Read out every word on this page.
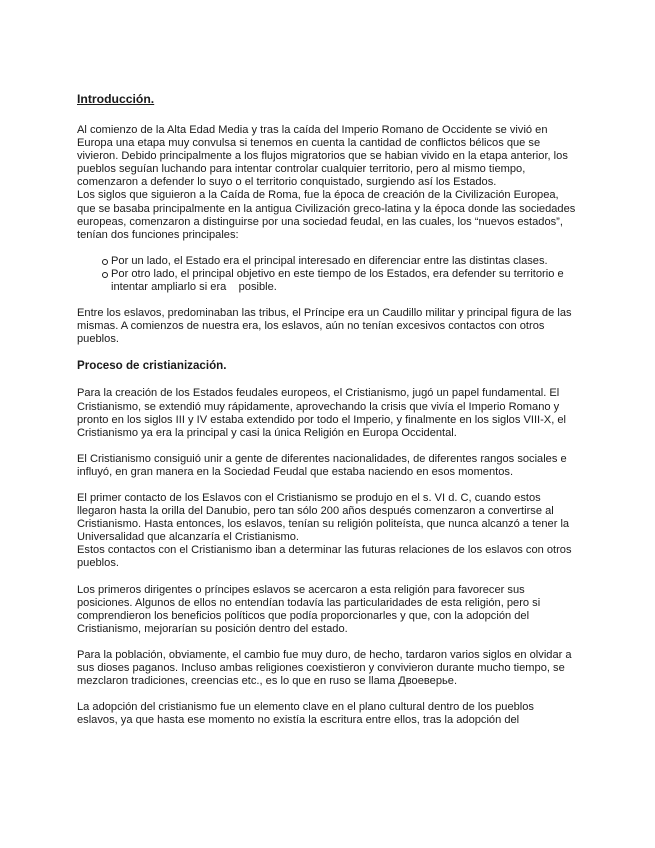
Introducción.

Al comienzo de la Alta Edad Media y tras la caída del Imperio Romano de Occidente se vivió en Europa una etapa muy convulsa si tenemos en cuenta la cantidad de conflictos bélicos que se vivieron. Debido principalmente a los flujos migratorios que se habian vivido en la etapa anterior, los pueblos seguían luchando para intentar controlar cualquier territorio, pero al mismo tiempo, comenzaron a defender lo suyo o el territorio conquistado, surgiendo así los Estados.

Los siglos que siguieron a la Caída de Roma, fue la época de creación de la Civilización Europea, que se basaba principalmente en la antigua Civilización greco-latina y la época donde las sociedades europeas, comenzaron a distinguirse por una sociedad feudal, en las cuales, los “nuevos estados”, tenían dos funciones principales:

Por un lado, el Estado era el principal interesado en diferenciar entre las distintas clases.
Por otro lado, el principal objetivo en este tiempo de los Estados, era defender su territorio e intentar ampliarlo si era    posible.

Entre los eslavos, predominaban las tribus, el Príncipe era un Caudillo militar y principal figura de las mismas. A comienzos de nuestra era, los eslavos, aún no tenían excesivos contactos con otros pueblos.

Proceso de cristianización.

Para la creación de los Estados feudales europeos, el Cristianismo, jugó un papel fundamental. El Cristianismo, se extendió muy rápidamente, aprovechando la crisis que vivía el Imperio Romano y pronto en los siglos III y IV estaba extendido por todo el Imperio, y finalmente en los siglos VIII-X, el Cristianismo ya era la principal y casi la única Religión en Europa Occidental.

El Cristianismo consiguió unir a gente de diferentes nacionalidades, de diferentes rangos sociales e influyó, en gran manera en la Sociedad Feudal que estaba naciendo en esos momentos.

El primer contacto de los Eslavos con el Cristianismo se produjo en el s. VI d. C, cuando estos llegaron hasta la orilla del Danubio, pero tan sólo 200 años después comenzaron a convertirse al Cristianismo. Hasta entonces, los eslavos, tenían su religión politeísta, que nunca alcanzó a tener la Universalidad que alcanzaría el Cristianismo.

Estos contactos con el Cristianismo iban a determinar las futuras relaciones de los eslavos con otros pueblos.

Los primeros dirigentes o príncipes eslavos se acercaron a esta religión para favorecer sus posiciones. Algunos de ellos no entendían todavía las particularidades de esta religión, pero si comprendieron los beneficios políticos que podía proporcionarles y que, con la adopción del Cristianismo, mejorarían su posición dentro del estado.

Para la población, obviamente, el cambio fue muy duro, de hecho, tardaron varios siglos en olvidar a sus dioses paganos. Incluso ambas religiones coexistieron y convivieron durante mucho tiempo, se mezclaron tradiciones, creencias etc., es lo que en ruso se llama Двоеверье.

La adopción del cristianismo fue un elemento clave en el plano cultural dentro de los pueblos eslavos, ya que hasta ese momento no existía la escritura entre ellos, tras la adopción del
